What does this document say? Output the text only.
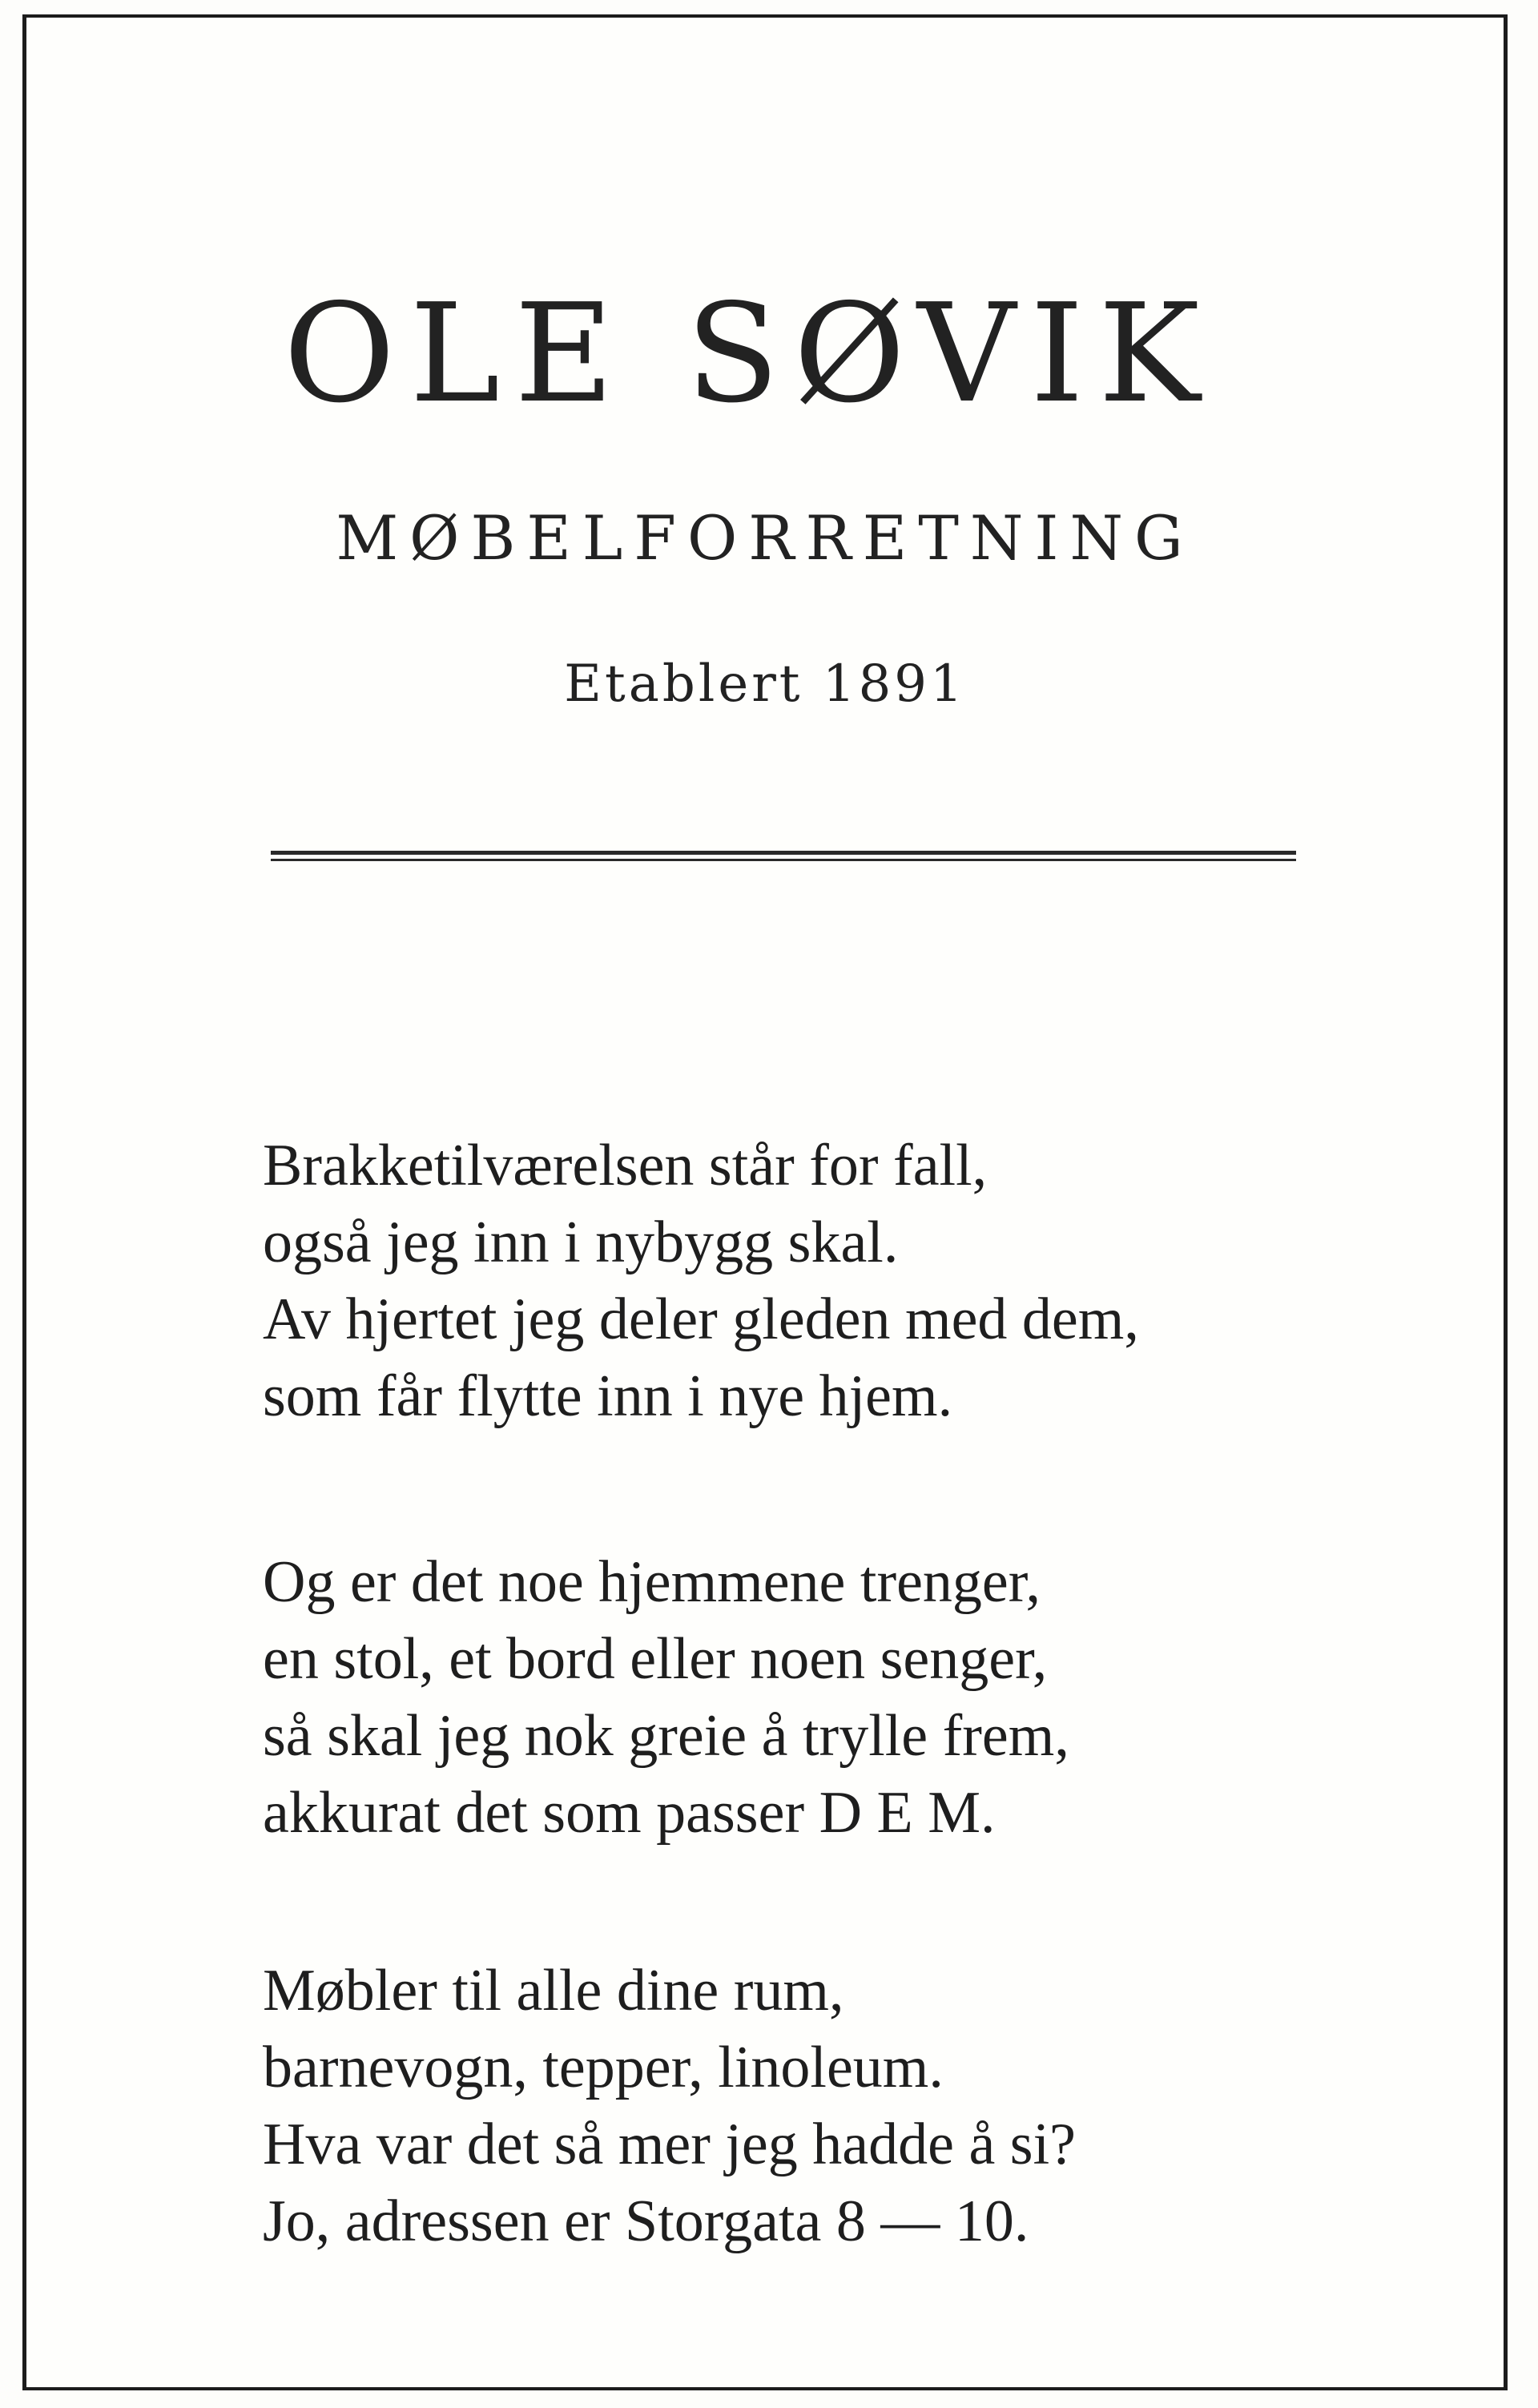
OLE SØVIK
MØBELFORRETNING
Etablert 1891
Brakketilværelsen står for fall,
også jeg inn i nybygg skal.
Av hjertet jeg deler gleden med dem,
som får flytte inn i nye hjem.
Og er det noe hjemmene trenger,
en stol, et bord eller noen senger,
så skal jeg nok greie å trylle frem,
akkurat det som passer D E M.
Møbler til alle dine rum,
barnevogn, tepper, linoleum.
Hva var det så mer jeg hadde å si?
Jo, adressen er Storgata 8 — 10.
